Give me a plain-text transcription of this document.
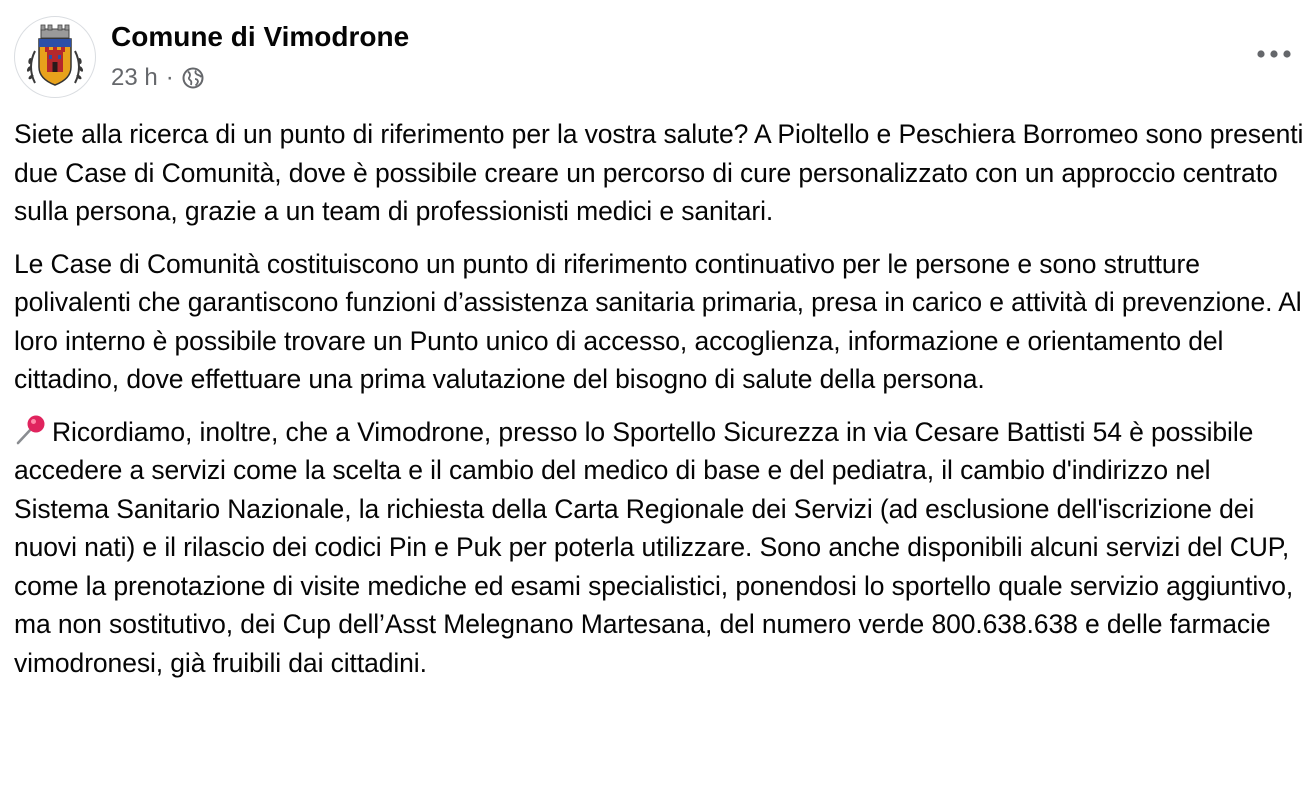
Comune di Vimodrone
23 h ·

Siete alla ricerca di un punto di riferimento per la vostra salute? A Pioltello e Peschiera Borromeo sono presenti due Case di Comunità, dove è possibile creare un percorso di cure personalizzato con un approccio centrato sulla persona, grazie a un team di professionisti medici e sanitari.

Le Case di Comunità costituiscono un punto di riferimento continuativo per le persone e sono strutture polivalenti che garantiscono funzioni d’assistenza sanitaria primaria, presa in carico e attività di prevenzione. Al loro interno è possibile trovare un Punto unico di accesso, accoglienza, informazione e orientamento del cittadino, dove effettuare una prima valutazione del bisogno di salute della persona.

Ricordiamo, inoltre, che a Vimodrone, presso lo Sportello Sicurezza in via Cesare Battisti 54 è possibile accedere a servizi come la scelta e il cambio del medico di base e del pediatra, il cambio d'indirizzo nel Sistema Sanitario Nazionale, la richiesta della Carta Regionale dei Servizi (ad esclusione dell'iscrizione dei nuovi nati) e il rilascio dei codici Pin e Puk per poterla utilizzare. Sono anche disponibili alcuni servizi del CUP, come la prenotazione di visite mediche ed esami specialistici, ponendosi lo sportello quale servizio aggiuntivo, ma non sostitutivo, dei Cup dell’Asst Melegnano Martesana, del numero verde 800.638.638 e delle farmacie vimodronesi, già fruibili dai cittadini.
